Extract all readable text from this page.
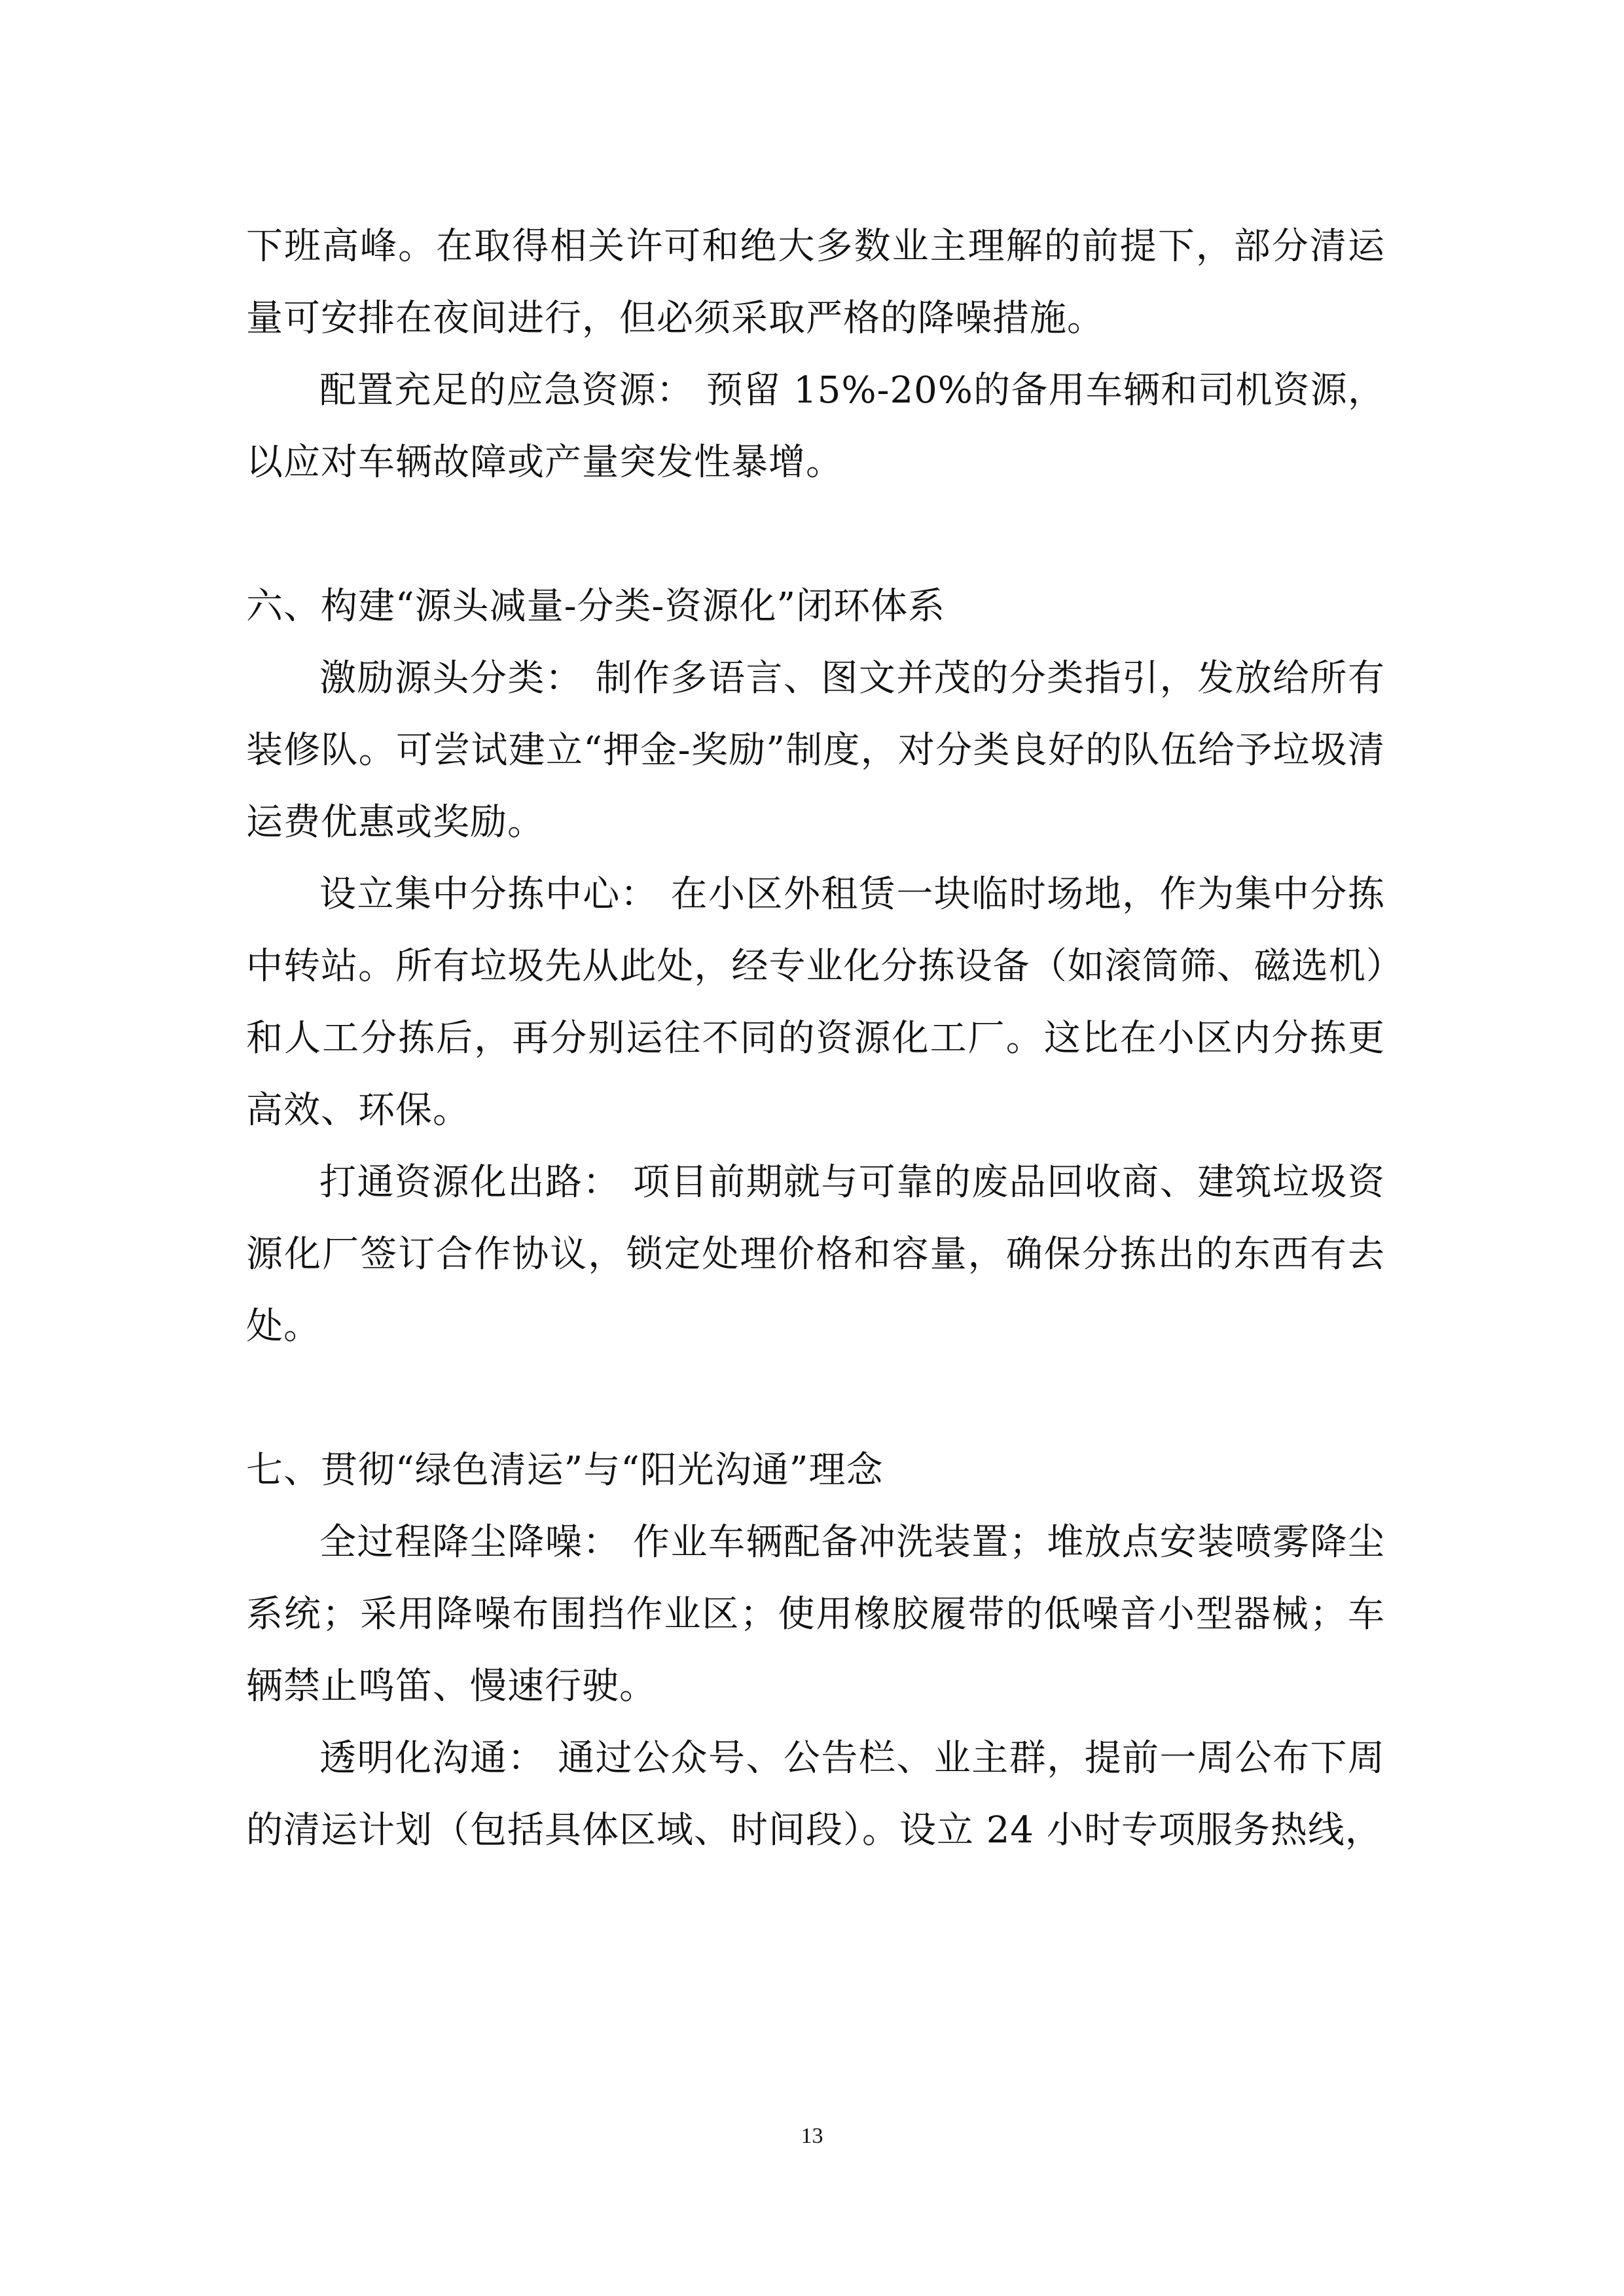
下班高峰。在取得相关许可和绝大多数业主理解的前提下，部分清运量可安排在夜间进行，但必须采取严格的降噪措施。

配置充足的应急资源： 预留 15%-20%的备用车辆和司机资源，以应对车辆故障或产量突发性暴增。

六、构建“源头减量-分类-资源化”闭环体系

激励源头分类： 制作多语言、图文并茂的分类指引，发放给所有装修队。可尝试建立“押金-奖励”制度，对分类良好的队伍给予垃圾清运费优惠或奖励。

设立集中分拣中心： 在小区外租赁一块临时场地，作为集中分拣中转站。所有垃圾先从此处，经专业化分拣设备（如滚筒筛、磁选机）和人工分拣后，再分别运往不同的资源化工厂。这比在小区内分拣更高效、环保。

打通资源化出路： 项目前期就与可靠的废品回收商、建筑垃圾资源化厂签订合作协议，锁定处理价格和容量，确保分拣出的东西有去处。

七、贯彻“绿色清运”与“阳光沟通”理念

全过程降尘降噪： 作业车辆配备冲洗装置；堆放点安装喷雾降尘系统；采用降噪布围挡作业区；使用橡胶履带的低噪音小型器械；车辆禁止鸣笛、慢速行驶。

透明化沟通： 通过公众号、公告栏、业主群，提前一周公布下周的清运计划（包括具体区域、时间段）。设立 24 小时专项服务热线，

13
